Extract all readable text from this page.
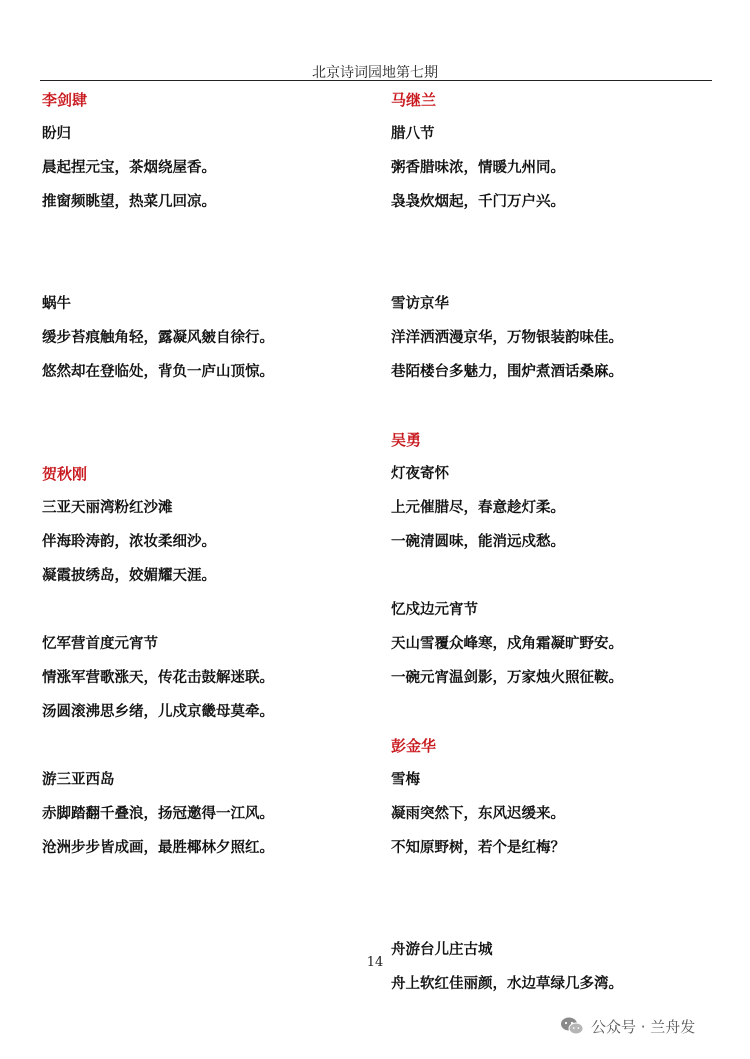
北京诗词园地第七期
李剑肆
盼归
晨起捏元宝，茶烟绕屋香。
推窗频眺望，热菜几回凉。
蜗牛
缓步苔痕触角轻，露凝风皴自徐行。
悠然却在登临处，背负一庐山顶惊。
贺秋刚
三亚天丽湾粉红沙滩
伴海聆涛韵，浓妆柔细沙。
凝霞披绣岛，姣媚耀天涯。
忆军营首度元宵节
情涨军营歌涨天，传花击鼓解迷联。
汤圆滚沸思乡绪，儿戍京畿母莫牵。
游三亚西岛
赤脚踏翻千叠浪，扬冠邀得一江风。
沧洲步步皆成画，最胜椰林夕照红。
马继兰
腊八节
粥香腊味浓，情暖九州同。
袅袅炊烟起，千门万户兴。
雪访京华
洋洋洒洒漫京华，万物银装韵味佳。
巷陌楼台多魅力，围炉煮酒话桑麻。
吴勇
灯夜寄怀
上元催腊尽，春意趁灯柔。
一碗清圆味，能消远戍愁。
忆戍边元宵节
天山雪覆众峰寒，戍角霜凝旷野安。
一碗元宵温剑影，万家烛火照征鞍。
彭金华
雪梅
凝雨突然下，东风迟缓来。
不知原野树，若个是红梅？
舟游台儿庄古城
舟上软红佳丽颜，水边草绿几多湾。
14
公众号 · 兰舟发
